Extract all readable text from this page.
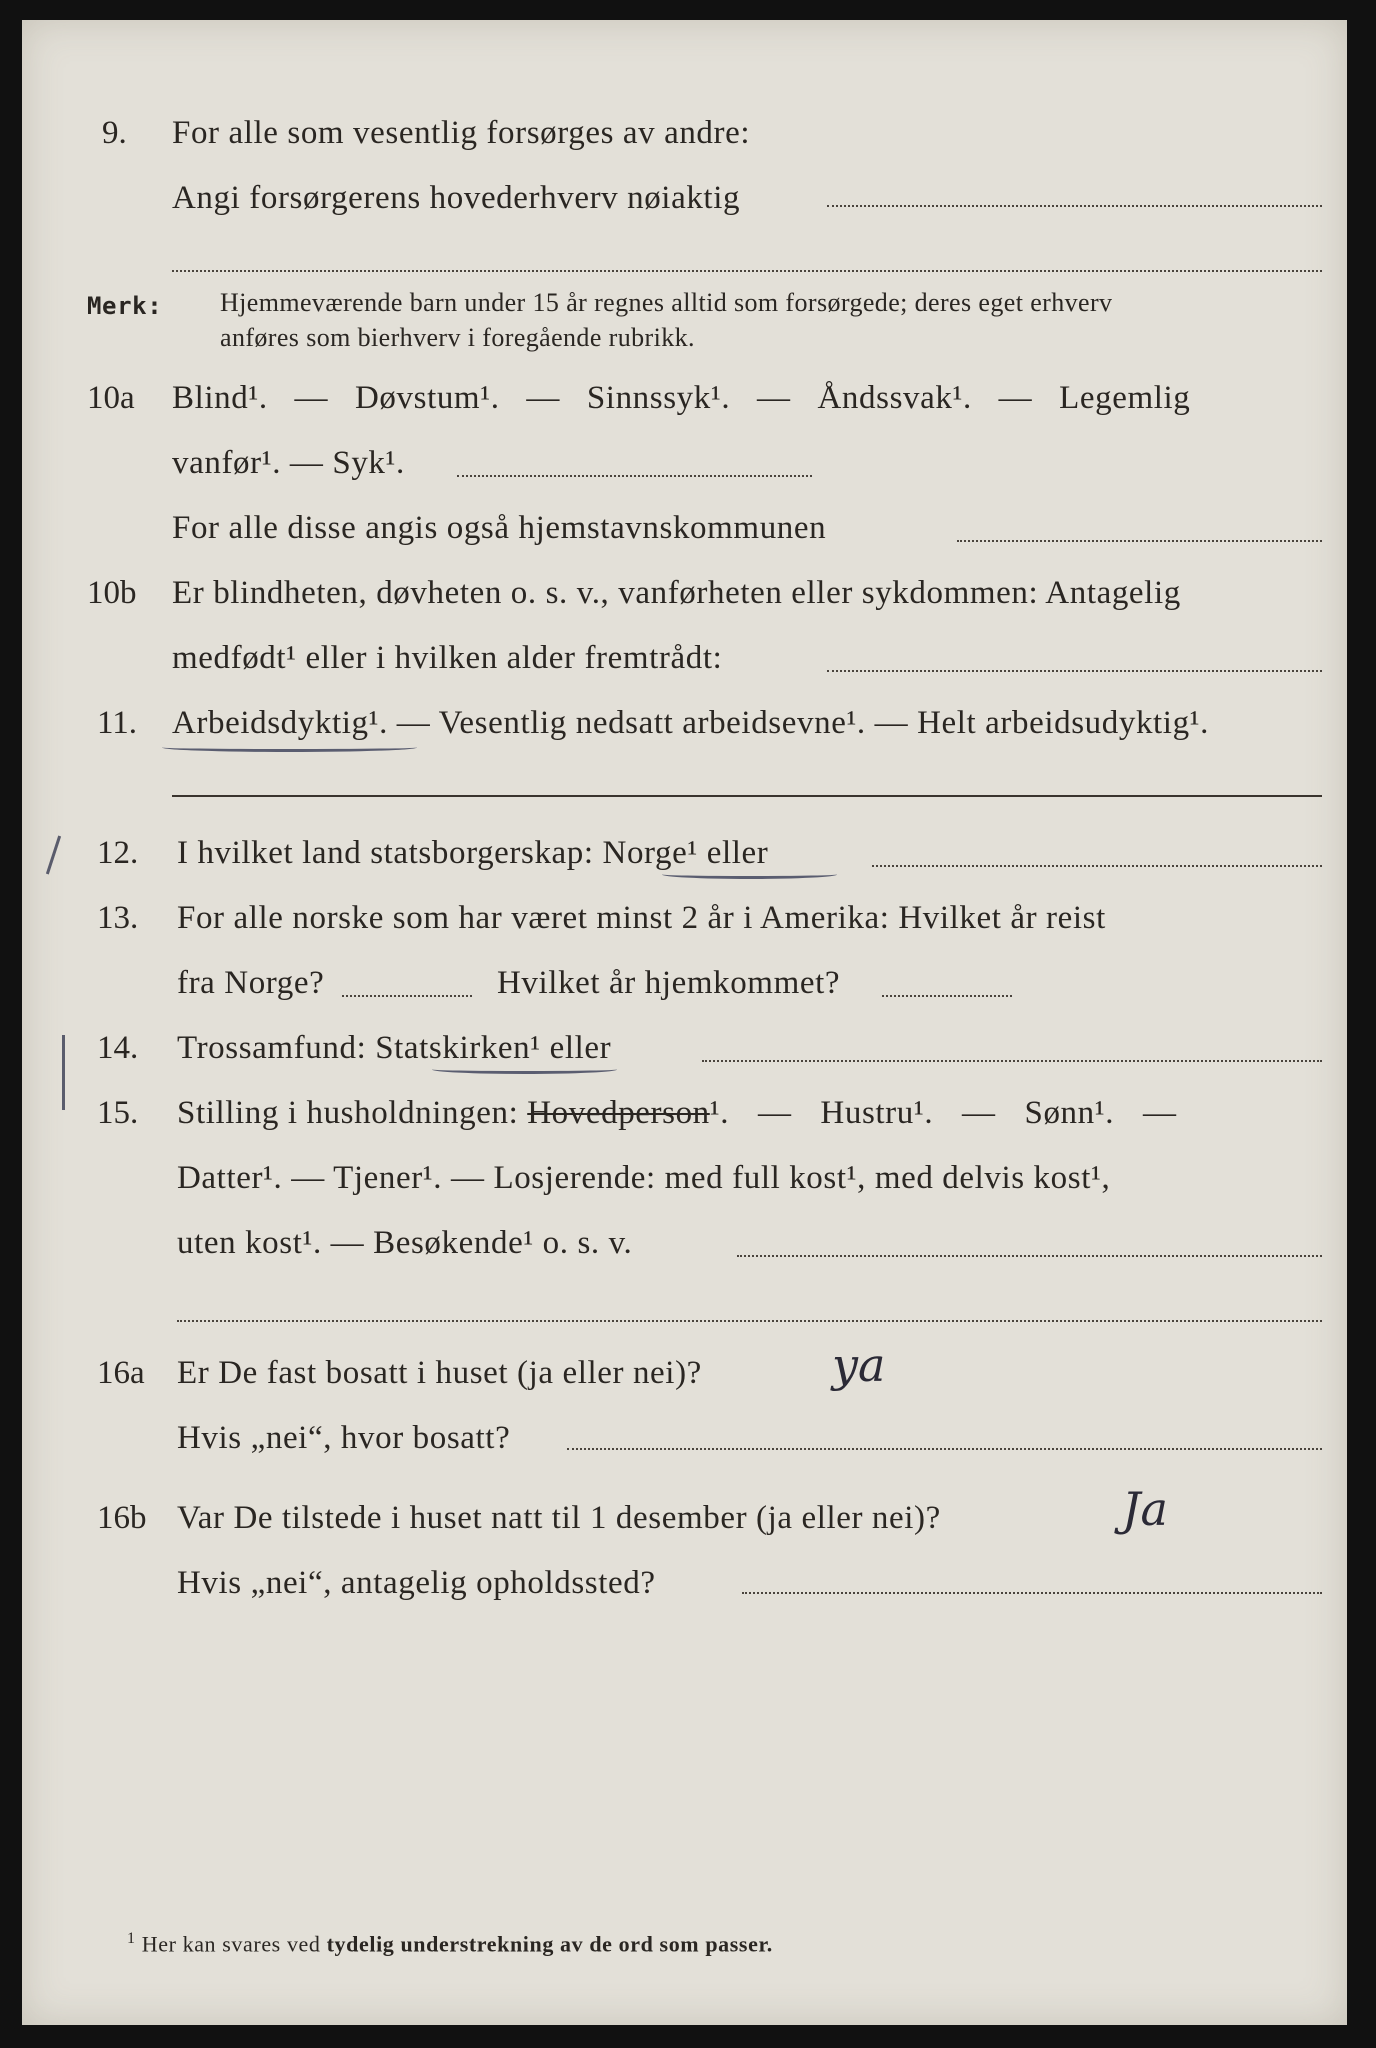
9. For alle som vesentlig forsørges av andre:
Angi forsørgerens hovederhverv nøiaktig
Merk: Hjemmeværende barn under 15 år regnes alltid som forsørgede; deres eget erhverv
anføres som bierhverv i foregående rubrikk.
10a Blind¹. — Døvstum¹. — Sinnssyk¹. — Åndssvak¹. — Legemlig
vanfør¹. — Syk¹.
For alle disse angis også hjemstavnskommunen
10b Er blindheten, døvheten o. s. v., vanførheten eller sykdommen: Antagelig
medfødt¹ eller i hvilken alder fremtrådt:
11. Arbeidsdyktig¹. — Vesentlig nedsatt arbeidsevne¹. — Helt arbeidsudyktig¹.
12. I hvilket land statsborgerskap: Norge¹ eller
13. For alle norske som har været minst 2 år i Amerika: Hvilket år reist
fra Norge?	Hvilket år hjemkommet?
14. Trossamfund: Statskirken¹ eller
15. Stilling i husholdningen: Hovedperson¹. — Hustru¹. — Sønn¹. —
Datter¹. — Tjener¹. — Losjerende: med full kost¹, med delvis kost¹,
uten kost¹. — Besøkende¹ o. s. v.
16a Er De fast bosatt i huset (ja eller nei)?	ya
Hvis „nei“, hvor bosatt?
16b Var De tilstede i huset natt til 1 desember (ja eller nei)?	Ja
Hvis „nei“, antagelig opholdssted?
$^1$ Her kan svares ved tydelig understrekning av de ord som passer.
